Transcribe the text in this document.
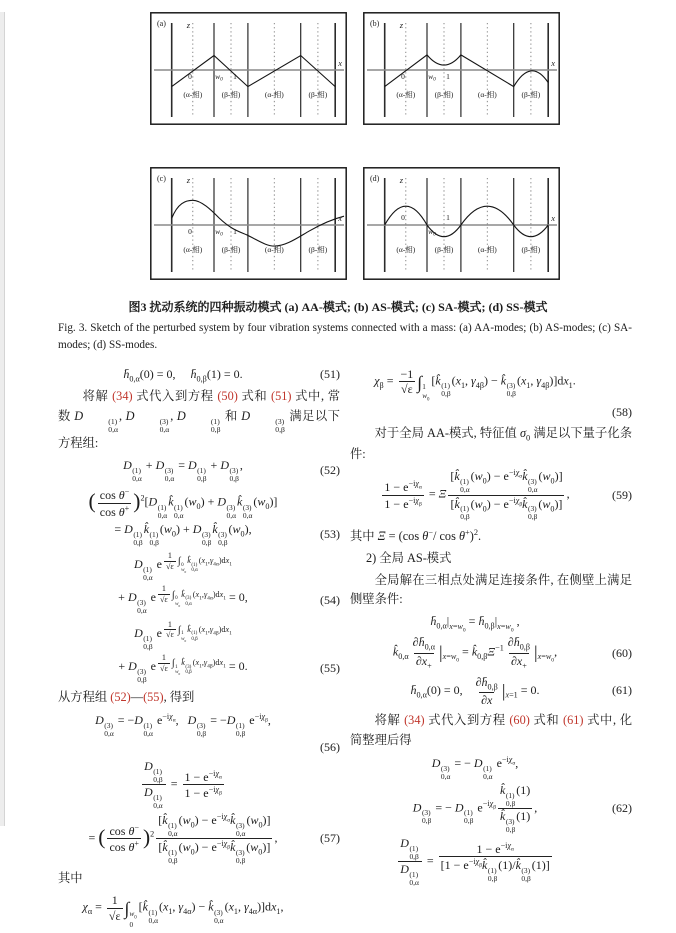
0	$w_0$ 1
(α-相)	(β-相)	(α-相)	(β-相)
(a) z
x
0	$w_0$ 1
(α-相)	(β-相)	(α-相)	(β-相)
(b) z
x
0	$w_0$ 1
(α-相)	(β-相)	(α-相)	(β-相)
(c) z
x	0
$w_0$
1
(α-相)	(β-相)	(α-相)	(β-相)
(d) z
x
图3 扰动系统的四种振动模式 (a) AA-模式; (b) AS-模式; (c) SA-模式; (d) SS-模式
Fig. 3. Sketch of the perturbed system by four vibration systems connected with a mass: (a) AA-modes; (b) AS-modes; (c) SA-modes; (d) SS-modes.
$h̄_{0,\alpha}(0) = 0$,  $h̄_{0,\beta}(1) = 0$.	(51)
将解 (34) 式代入到方程 (50) 式和 (51) 式中, 常数 D	(1)
0,α
, D	(3)
0,α
, D	(1)
0,β
和 D	(3)
0,β
满足以下方程组:
D (1)
0,α
+ D (3)
0,α
= D (1)
0,β
+ D (3)
0,β
,	(52)
( $\frac{\cos \theta^-}{\cos \theta^+} )^2[D$ (1)
0,α
k̂ (1)
0,α
$(w_0) + D$ (3)
0,α
k̂ (3)
0,α
$(w_0)$]
= D (1)
0,β
k̂ (1)
0,β
$(w_0) + D$ (3)
0,β
k̂ (3)
0,β
$(w_0)$,	(53)
D (1)
0,α
e $^{\frac{1}{√\varepsilon} \int 0 w_0 k̂ (1) 0,\alpha (x_1,\gamma_{4\alpha})dx_1}$
+ D (3)
0,α
e $^{\frac{1}{√\varepsilon} \int 0 w_0 k̂ (3) 0,\alpha (x_1,\gamma_{4\alpha})dx_1}$ = 0,	(54)
D (1)
0,β
e $^{\frac{1}{√\varepsilon} \int 1 w_0 k̂ (1) 0,\beta (x_1,\gamma_{4\beta})dx_1}$
+ D (3)
0,β
e $^{\frac{1}{√\varepsilon} \int 1 w_0 k̂ (3) 0,\beta (x_1,\gamma_{4\beta})dx_1}$ = 0.	(55)
从方程组 (52)—(55), 得到
D (3)
0,α
= −D (1)
0,α
$e^{-i\chi_\alpha}$,  D (3)
0,β
= −D (1)
0,β
$e^{-i\chi_\beta}$,
(56)
D (1)
0,β
D (1)
$0,\alpha = 1 - e^{-i\chi_\alpha}$
$1 - e^{-i\chi_\beta}$
= ( $\frac{\cos \theta^-}{\cos \theta^+} )^2$
[k̂ (1)
0,α
$(w_0)$ − $e^{-i\chi_\alpha}k̂$ (3)
0,α
$(w_0)$]
[k̂ (1)
0,β
$(w_0)$ − $e^{-i\chi_\beta}k̂$ (3)
0,β
$(w_0)$]
,	(57)
其中
$\chi_\alpha = \frac{1}{√\varepsilon}$ ∫ $w_0$
0
[k̂ (1)
0,α
($x_1$, $\gamma_{4\alpha}$) − k̂ (3)
0,α
($x_1$, $\gamma_{4\alpha})]dx_1$,
$\chi_\beta = \frac{-1}{√\varepsilon}$ ∫ 1
$w_0$
[k̂ (1)
0,β
($x_1$, $\gamma_{4\beta}$) − k̂ (3)
0,β
($x_1$, $\gamma_{4\beta})]dx_1$.
(58)
对于全局 AA-模式, 特征值 $\sigma_0$ 满足以下量子化条件:
$1 - e^{-i\chi_\alpha}$
$1 - e^{-i\chi_\beta}$
= Ξ
[k̂ (1)
0,α
$(w_0)$ − $e^{-i\chi_\alpha}k̂$ (3)
0,α
$(w_0)$]
[k̂ (1)
0,β
$(w_0)$ − $e^{-i\chi_\beta}k̂$ (3)
0,β
$(w_0)$]
,	(59)
其中 Ξ = (cos θ−/ cos θ+)$^2$.
2) 全局 AS-模式
全局解在三相点处满足连接条件, 在侧壁上满足侧壁条件:
$h̄_{0,\alpha}|_{x=w_0}$ = $h̄_{0,\beta}|_{x=w_0}$ ,
$k̂_{0,\alpha} \frac{\partial h̄_{0,\alpha}}{\partial x_+} |_{x=w_0}$ = $k̂_{0,\beta}\Xi^{-1} \frac{\partial h̄_{0,\beta}}{\partial x_+} |_{x=w_0}$,	(60)
$h̄_{0,\alpha}(0) = 0$,   $\frac{\partial h̄_{0,\beta}}{\partial x} |_{x=1} = 0$.	(61)
将解 (34) 式代入到方程 (60) 式和 (61) 式中, 化简整理后得
D (3)
0,α
= − D (1)
0,α
$e^{-i\chi_\alpha}$,
D (3)
0,β
= − D (1)
0,β
$e^{-i\chi_\beta}$ k̂ (1)
0,β
(1)
k̂ (3)
0,β
(1) ,	(62)
D (1)
0,β
D (1)
0,α =
$1 - e^{-i\chi_\alpha}$
[$1 - e^{-i\chi_\beta}k̂$ (1)
0,β
(1)/k̂ (3)
0,β
(1)]
